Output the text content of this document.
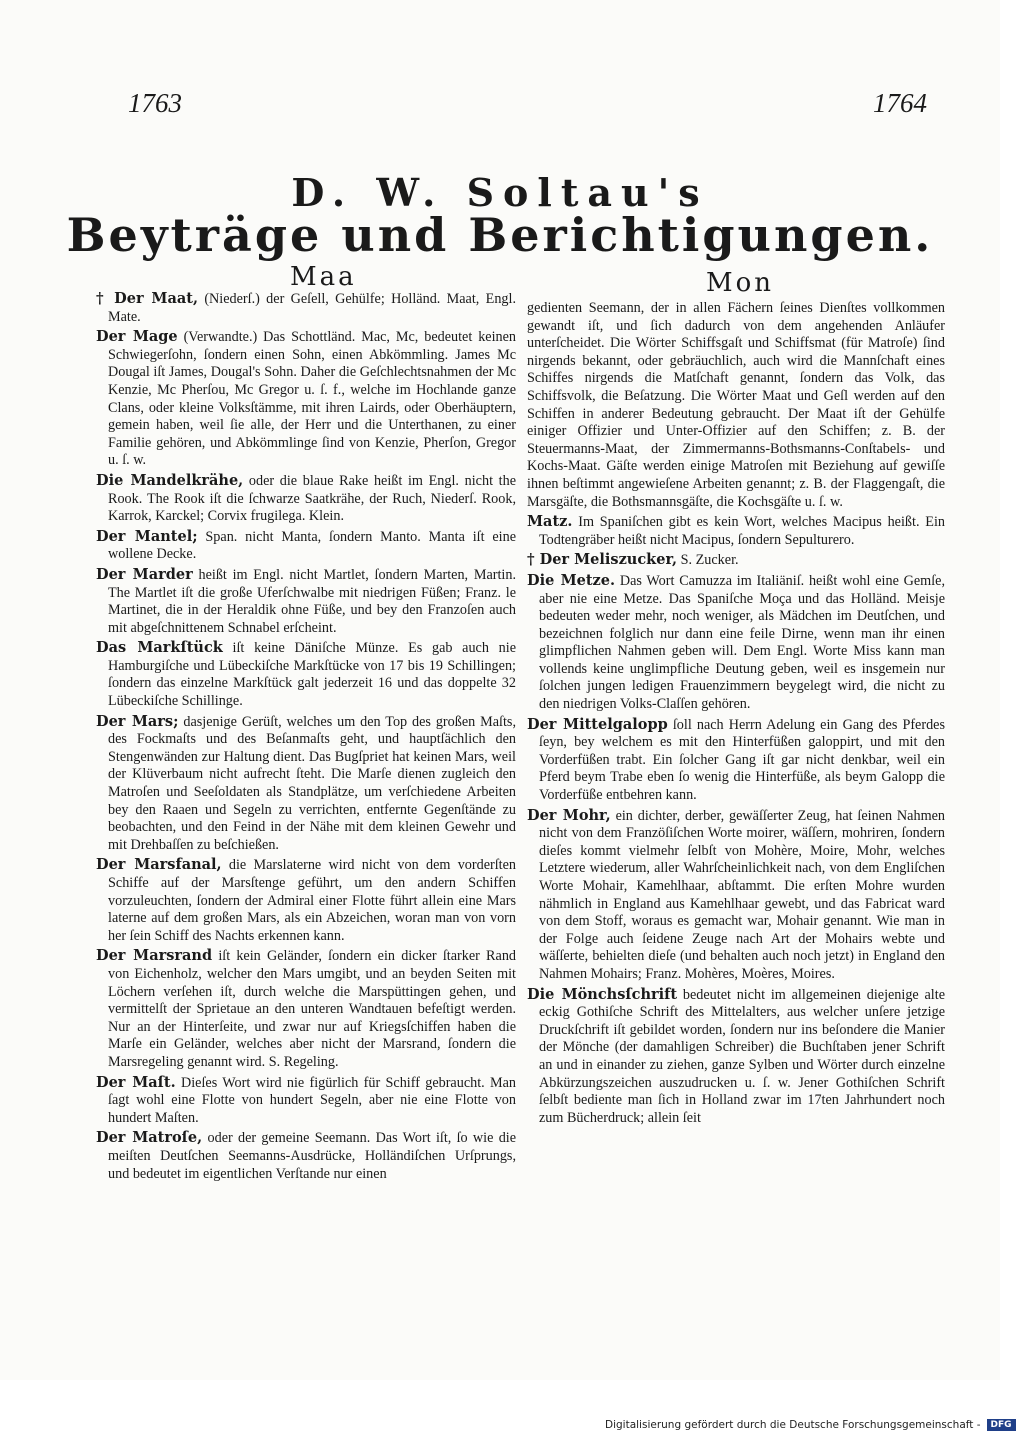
1763	1764
D. W. Soltau's
Beyträge und Berichtigungen.
Maa	Mon

† Der Maat, (Niederſ.) der Geſell, Gehülfe; Holländ. Maat, Engl. Mate.

Der Mage (Verwandte.) Das Schottländ. Mac, Mc, bedeutet keinen Schwiegerſohn, ſondern einen Sohn, einen Abkömmling. James Mc Dougal iſt James, Dougal's Sohn. Daher die Geſchlechtsnahmen der Mc Kenzie, Mc Pherſou, Mc Gregor u. ſ. f., welche im Hochlande ganze Clans, oder kleine Volksſtämme, mit ihren Lairds, oder Oberhäuptern, gemein haben, weil ſie alle, der Herr und die Unterthanen, zu einer Familie gehören, und Abkömmlinge ſind von Kenzie, Pherſon, Gregor u. ſ. w.

Die Mandelkrähe, oder die blaue Rake heißt im Engl. nicht the Rook. The Rook iſt die ſchwarze Saatkrähe, der Ruch, Niederſ. Rook, Karrok, Karckel; Corvix frugilega. Klein.

Der Mantel; Span. nicht Manta, ſondern Manto. Manta iſt eine wollene Decke.

Der Marder heißt im Engl. nicht Martlet, ſondern Marten, Martin. The Martlet iſt die große Uferſchwalbe mit niedrigen Füßen; Franz. le Martinet, die in der Heraldik ohne Füße, und bey den Franzoſen auch mit abgeſchnittenem Schnabel erſcheint.

Das Markſtück iſt keine Däniſche Münze. Es gab auch nie Hamburgiſche und Lübeckiſche Markſtücke von 17 bis 19 Schillingen; ſondern das einzelne Markſtück galt jederzeit 16 und das doppelte 32 Lübeckiſche Schillinge.

Der Mars; dasjenige Gerüſt, welches um den Top des großen Maſts, des Fockmaſts und des Beſanmaſts geht, und hauptſächlich den Stengenwänden zur Haltung dient. Das Bugſpriet hat keinen Mars, weil der Klüverbaum nicht aufrecht ſteht. Die Marſe dienen zugleich den Matroſen und Seeſoldaten als Standplätze, um verſchiedene Arbeiten bey den Raaen und Segeln zu verrichten, entfernte Gegenſtände zu beobachten, und den Feind in der Nähe mit dem kleinen Gewehr und mit Drehbaſſen zu beſchießen.

Der Marsfanal, die Marslaterne wird nicht von dem vorderſten Schiffe auf der Marsſtenge geführt, um den andern Schiffen vorzuleuchten, ſondern der Admiral einer Flotte führt allein eine Mars laterne auf dem großen Mars, als ein Abzeichen, woran man von vorn her ſein Schiff des Nachts erkennen kann.

Der Marsrand iſt kein Geländer, ſondern ein dicker ſtarker Rand von Eichenholz, welcher den Mars umgibt, und an beyden Seiten mit Löchern verſehen iſt, durch welche die Marspüttingen gehen, und vermittelſt der Sprietaue an den unteren Wandtauen befeſtigt werden. Nur an der Hinterſeite, und zwar nur auf Kriegsſchiffen haben die Marſe ein Geländer, welches aber nicht der Marsrand, ſondern die Marsregeling genannt wird. S. Regeling.

Der Maſt. Dieſes Wort wird nie figürlich für Schiff gebraucht. Man ſagt wohl eine Flotte von hundert Segeln, aber nie eine Flotte von hundert Maſten.

Der Matroſe, oder der gemeine Seemann. Das Wort iſt, ſo wie die meiſten Deutſchen Seemanns-Ausdrücke, Holländiſchen Urſprungs, und bedeutet im eigentlichen Verſtande nur einen

gedienten Seemann, der in allen Fächern ſeines Dienſtes vollkommen gewandt iſt, und ſich dadurch von dem angehenden Anläufer unterſcheidet. Die Wörter Schiffsgaſt und Schiffsmat (für Matroſe) ſind nirgends bekannt, oder gebräuchlich, auch wird die Mannſchaft eines Schiffes nirgends die Matſchaft genannt, ſondern das Volk, das Schiffsvolk, die Beſatzung. Die Wörter Maat und Geſl werden auf den Schiffen in anderer Bedeutung gebraucht. Der Maat iſt der Gehülfe einiger Offizier und Unter-Offizier auf den Schiffen; z. B. der Steuermanns-Maat, der Zimmermanns-Bothsmanns-Conſtabels- und Kochs-Maat. Gäſte werden einige Matroſen mit Beziehung auf gewiſſe ihnen beſtimmt angewieſene Arbeiten genannt; z. B. der Flaggengaſt, die Marsgäſte, die Bothsmannsgäſte, die Kochsgäſte u. ſ. w.

Matz. Im Spaniſchen gibt es kein Wort, welches Macipus heißt. Ein Todtengräber heißt nicht Macipus, ſondern Sepulturero.

† Der Meliszucker, S. Zucker.

Die Metze. Das Wort Camuzza im Italiäniſ. heißt wohl eine Gemſe, aber nie eine Metze. Das Spaniſche Moça und das Holländ. Meisje bedeuten weder mehr, noch weniger, als Mädchen im Deutſchen, und bezeichnen folglich nur dann eine feile Dirne, wenn man ihr einen glimpflichen Nahmen geben will. Dem Engl. Worte Miss kann man vollends keine unglimpfliche Deutung geben, weil es insgemein nur ſolchen jungen ledigen Frauenzimmern beygelegt wird, die nicht zu den niedrigen Volks-Claſſen gehören.

Der Mittelgalopp ſoll nach Herrn Adelung ein Gang des Pferdes ſeyn, bey welchem es mit den Hinterfüßen galoppirt, und mit den Vorderfüßen trabt. Ein ſolcher Gang iſt gar nicht denkbar, weil ein Pferd beym Trabe eben ſo wenig die Hinterfüße, als beym Galopp die Vorderfüße entbehren kann.

Der Mohr, ein dichter, derber, gewäſſerter Zeug, hat ſeinen Nahmen nicht von dem Franzöſiſchen Worte moirer, wäſſern, mohriren, ſondern dieſes kommt vielmehr ſelbſt von Mohère, Moire, Mohr, welches Letztere wiederum, aller Wahrſcheinlichkeit nach, von dem Engliſchen Worte Mohair, Kamehlhaar, abſtammt. Die erſten Mohre wurden nähmlich in England aus Kamehlhaar gewebt, und das Fabricat ward von dem Stoff, woraus es gemacht war, Mohair genannt. Wie man in der Folge auch ſeidene Zeuge nach Art der Mohairs webte und wäſſerte, behielten dieſe (und behalten auch noch jetzt) in England den Nahmen Mohairs; Franz. Mohères, Moères, Moires.

Die Mönchsſchrift bedeutet nicht im allgemeinen diejenige alte eckig Gothiſche Schrift des Mittelalters, aus welcher unſere jetzige Druckſchrift iſt gebildet worden, ſondern nur ins beſondere die Manier der Mönche (der damahligen Schreiber) die Buchſtaben jener Schrift an und in einander zu ziehen, ganze Sylben und Wörter durch einzelne Abkürzungszeichen auszudrucken u. ſ. w. Jener Gothiſchen Schrift ſelbſt bediente man ſich in Holland zwar im 17ten Jahrhundert noch zum Bücherdruck; allein ſeit

Digitalisierung gefördert durch die Deutsche Forschungsgemeinschaft -	DFG
